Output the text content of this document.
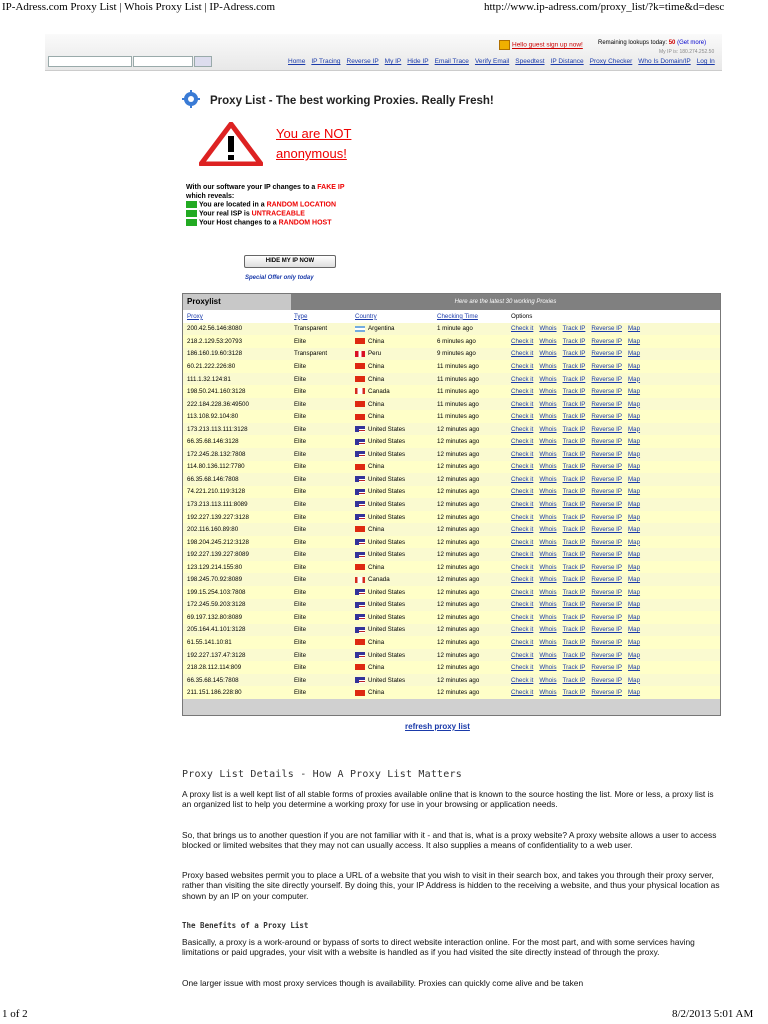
IP-Adress.com Proxy List | Whois Proxy List | IP-Adress.com	http://www.ip-adress.com/proxy_list/?k=time&d=desc
Hello guest sign up now!	Remaining lookups today: 50 (Get more)
My IP is: 180.274.252.50
Home IP Tracing Reverse IP My IP Hide IP Email Trace Verify Email Speedtest IP Distance Proxy Checker Who Is Domain/IP Log In
Proxy List - The best working Proxies. Really Fresh!
You are NOT
anonymous!
With our software your IP changes to a FAKE IP
which reveals:
You are located in a RANDOM LOCATION
Your real ISP is UNTRACEABLE
Your Host changes to a RANDOM HOST
HIDE MY IP NOW
Special Offer only today
Proxylist	Here are the latest 30 working Proxies
Proxy	Type	Country	Checking Time	Options
200.42.56.146:8080	Transparent	Argentina	1 minute ago	Check it Whois Track IP Reverse IP Map
218.2.129.53:20793	Elite	China	6 minutes ago	Check it Whois Track IP Reverse IP Map
186.160.19.60:3128	Transparent	Peru	9 minutes ago	Check it Whois Track IP Reverse IP Map
60.21.222.226:80	Elite	China	11 minutes ago	Check it Whois Track IP Reverse IP Map
111.1.32.124:81	Elite	China	11 minutes ago	Check it Whois Track IP Reverse IP Map
198.50.241.160:3128	Elite	Canada	11 minutes ago	Check it Whois Track IP Reverse IP Map
222.184.228.36:49500	Elite	China	11 minutes ago	Check it Whois Track IP Reverse IP Map
113.108.92.104:80	Elite	China	11 minutes ago	Check it Whois Track IP Reverse IP Map
173.213.113.111:3128	Elite	United States	12 minutes ago	Check it Whois Track IP Reverse IP Map
66.35.68.146:3128	Elite	United States	12 minutes ago	Check it Whois Track IP Reverse IP Map
172.245.28.132:7808	Elite	United States	12 minutes ago	Check it Whois Track IP Reverse IP Map
114.80.136.112:7780	Elite	China	12 minutes ago	Check it Whois Track IP Reverse IP Map
66.35.68.146:7808	Elite	United States	12 minutes ago	Check it Whois Track IP Reverse IP Map
74.221.210.119:3128	Elite	United States	12 minutes ago	Check it Whois Track IP Reverse IP Map
173.213.113.111:8089	Elite	United States	12 minutes ago	Check it Whois Track IP Reverse IP Map
192.227.139.227:3128	Elite	United States	12 minutes ago	Check it Whois Track IP Reverse IP Map
202.116.160.89:80	Elite	China	12 minutes ago	Check it Whois Track IP Reverse IP Map
198.204.245.212:3128	Elite	United States	12 minutes ago	Check it Whois Track IP Reverse IP Map
192.227.139.227:8089	Elite	United States	12 minutes ago	Check it Whois Track IP Reverse IP Map
123.129.214.155:80	Elite	China	12 minutes ago	Check it Whois Track IP Reverse IP Map
198.245.70.92:8089	Elite	Canada	12 minutes ago	Check it Whois Track IP Reverse IP Map
199.15.254.103:7808	Elite	United States	12 minutes ago	Check it Whois Track IP Reverse IP Map
172.245.59.203:3128	Elite	United States	12 minutes ago	Check it Whois Track IP Reverse IP Map
69.197.132.80:8089	Elite	United States	12 minutes ago	Check it Whois Track IP Reverse IP Map
205.164.41.101:3128	Elite	United States	12 minutes ago	Check it Whois Track IP Reverse IP Map
61.55.141.10:81	Elite	China	12 minutes ago	Check it Whois Track IP Reverse IP Map
192.227.137.47:3128	Elite	United States	12 minutes ago	Check it Whois Track IP Reverse IP Map
218.28.112.114:809	Elite	China	12 minutes ago	Check it Whois Track IP Reverse IP Map
66.35.68.145:7808	Elite	United States	12 minutes ago	Check it Whois Track IP Reverse IP Map
211.151.186.228:80	Elite	China	12 minutes ago	Check it Whois Track IP Reverse IP Map
refresh proxy list
Proxy List Details - How A Proxy List Matters
A proxy list is a well kept list of all stable forms of proxies available online that is known to the source hosting the list. More or less, a proxy list is an organized list to help you determine a working proxy for use in your browsing or application needs.
So, that brings us to another question if you are not familiar with it - and that is, what is a proxy website? A proxy website allows a user to access blocked or limited websites that they may not can usually access. It also supplies a means of confidentiality to a web user.
Proxy based websites permit you to place a URL of a website that you wish to visit in their search box, and takes you through their proxy server, rather than visiting the site directly yourself. By doing this, your IP Address is hidden to the receiving a website, and thus your physical location as shown by an IP on your computer.
The Benefits of a Proxy List
Basically, a proxy is a work-around or bypass of sorts to direct website interaction online. For the most part, and with some services having limitations or paid upgrades, your visit with a website is handled as if you had visited the site directly instead of through the proxy.
One larger issue with most proxy services though is availability. Proxies can quickly come alive and be taken
1 of 2	8/2/2013 5:01 AM
